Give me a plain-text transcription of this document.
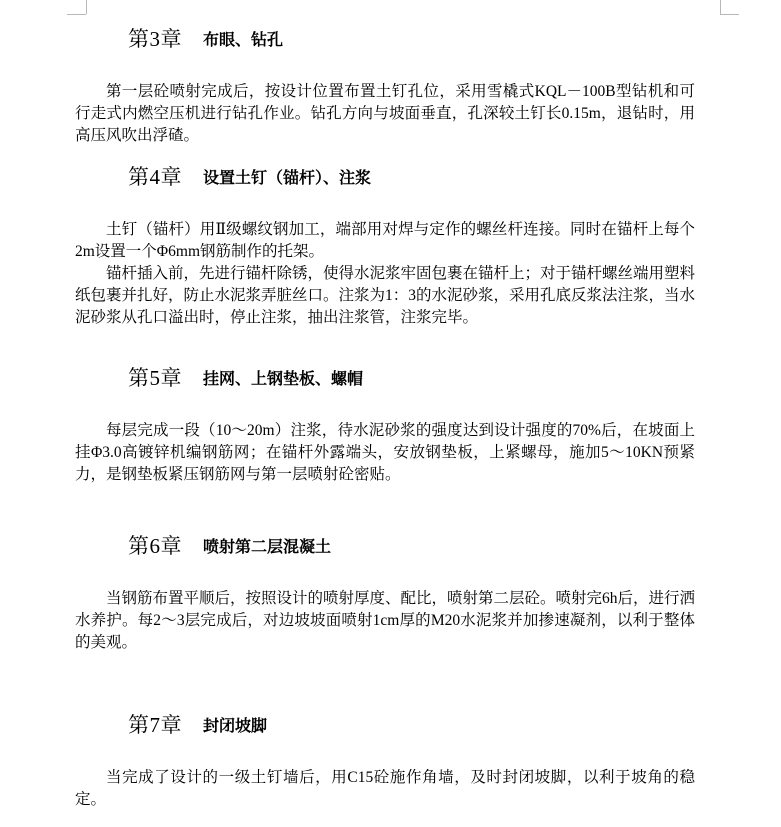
第3章 布眼、钻孔

第一层砼喷射完成后，按设计位置布置土钉孔位，采用雪橇式KQL－100B型钻机和可行走式内燃空压机进行钻孔作业。钻孔方向与坡面垂直，孔深较土钉长0.15m，退钻时，用高压风吹出浮碴。

第4章 设置土钉（锚杆）、注浆

土钉（锚杆）用Ⅱ级螺纹钢加工，端部用对焊与定作的螺丝杆连接。同时在锚杆上每个2m设置一个Φ6mm钢筋制作的托架。

锚杆插入前，先进行锚杆除锈，使得水泥浆牢固包裹在锚杆上；对于锚杆螺丝端用塑料纸包裹并扎好，防止水泥浆弄脏丝口。注浆为1：3的水泥砂浆，采用孔底反浆法注浆，当水泥砂浆从孔口溢出时，停止注浆，抽出注浆管，注浆完毕。

第5章 挂网、上钢垫板、螺帽

每层完成一段（10～20m）注浆，待水泥砂浆的强度达到设计强度的70%后，在坡面上挂Φ3.0高镀锌机编钢筋网；在锚杆外露端头，安放钢垫板，上紧螺母，施加5～10KN预紧力，是钢垫板紧压钢筋网与第一层喷射砼密贴。

第6章 喷射第二层混凝土

当钢筋布置平顺后，按照设计的喷射厚度、配比，喷射第二层砼。喷射完6h后，进行洒水养护。每2～3层完成后，对边坡坡面喷射1cm厚的M20水泥浆并加掺速凝剂，以利于整体的美观。

第7章 封闭坡脚

当完成了设计的一级土钉墙后，用C15砼施作角墙，及时封闭坡脚，以利于坡角的稳定。
